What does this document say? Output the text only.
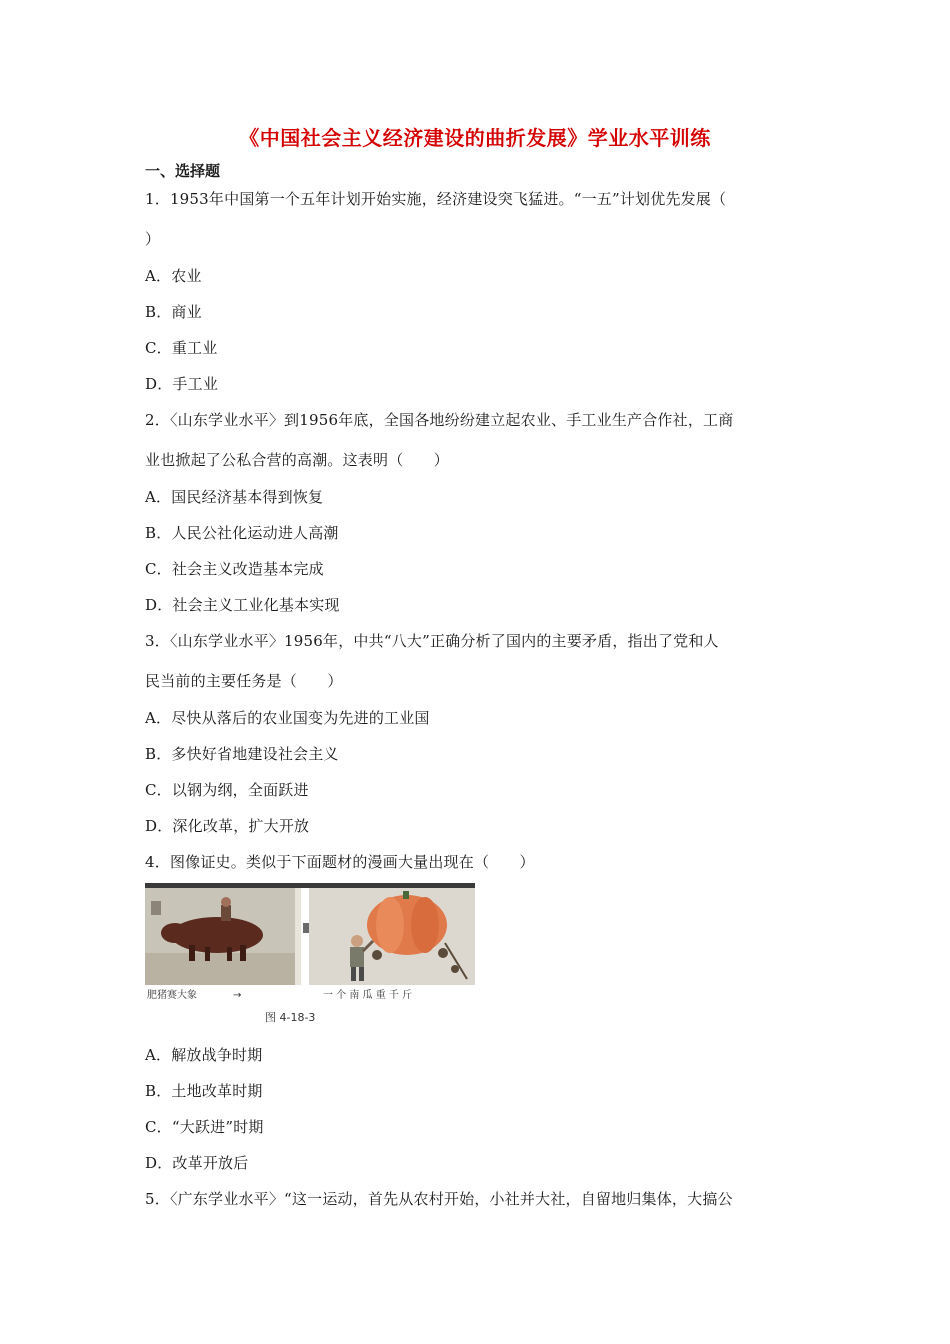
《中国社会主义经济建设的曲折发展》学业水平训练
一、选择题
1．1953年中国第一个五年计划开始实施，经济建设突飞猛进。“一五”计划优先发展（
）
A．农业
B．商业
C．重工业
D．手工业
2．〈山东学业水平〉到1956年底，全国各地纷纷建立起农业、手工业生产合作社，工商
业也掀起了公私合营的高潮。这表明（　　）
A．国民经济基本得到恢复
B．人民公社化运动进人高潮
C．社会主义改造基本完成
D．社会主义工业化基本实现
3．〈山东学业水平〉1956年，中共“八大”正确分析了国内的主要矛盾，指出了党和人
民当前的主要任务是（　　）
A．尽快从落后的农业国变为先进的工业国
B．多快好省地建设社会主义
C．以钢为纲，全面跃进
D．深化改革，扩大开放
4．图像证史。类似于下面题材的漫画大量出现在（　　）
肥猪赛大象	→	一 个 南 瓜 重 千 斤
图 4-18-3
A．解放战争时期
B．土地改革时期
C．“大跃进”时期
D．改革开放后
5．〈广东学业水平〉“这一运动，首先从农村开始，小社并大社，自留地归集体，大搞公
